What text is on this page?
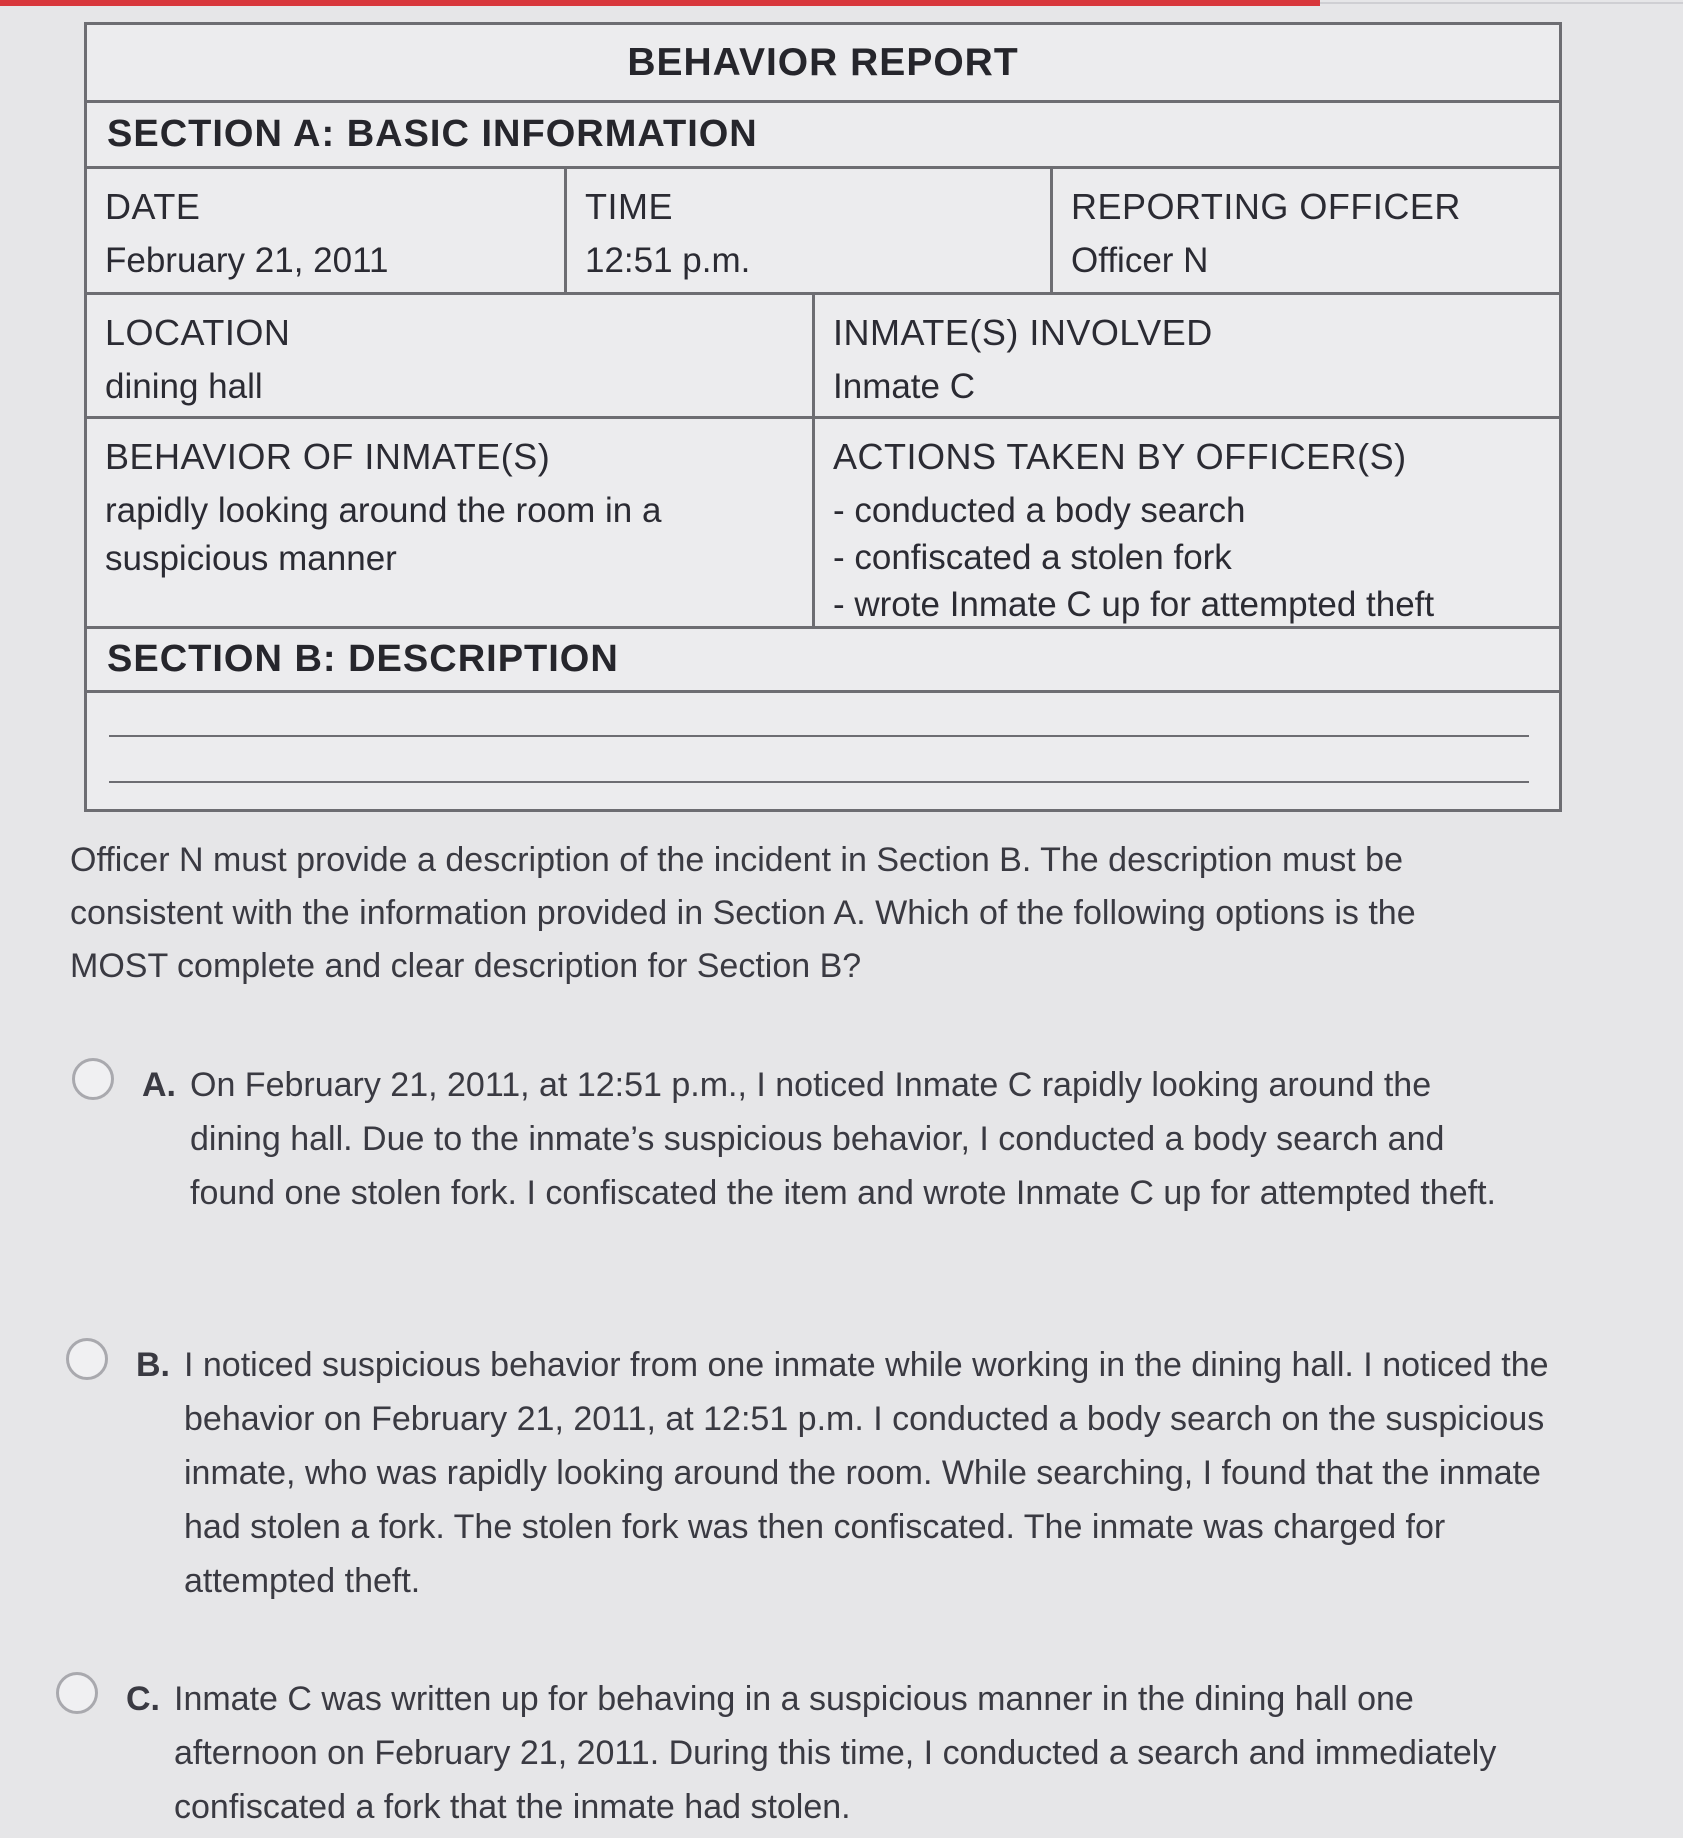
BEHAVIOR REPORT
SECTION A: BASIC INFORMATION
DATE
February 21, 2011
TIME
12:51 p.m.
REPORTING OFFICER
Officer N
LOCATION
dining hall
INMATE(S) INVOLVED
Inmate C
BEHAVIOR OF INMATE(S)
rapidly looking around the room in a suspicious manner
ACTIONS TAKEN BY OFFICER(S)
- conducted a body search
- confiscated a stolen fork
- wrote Inmate C up for attempted theft
SECTION B: DESCRIPTION
Officer N must provide a description of the incident in Section B. The description must be consistent with the information provided in Section A. Which of the following options is the MOST complete and clear description for Section B?
A. On February 21, 2011, at 12:51 p.m., I noticed Inmate C rapidly looking around the dining hall. Due to the inmate’s suspicious behavior, I conducted a body search and found one stolen fork. I confiscated the item and wrote Inmate C up for attempted theft.
B. I noticed suspicious behavior from one inmate while working in the dining hall. I noticed the behavior on February 21, 2011, at 12:51 p.m. I conducted a body search on the suspicious inmate, who was rapidly looking around the room. While searching, I found that the inmate had stolen a fork. The stolen fork was then confiscated. The inmate was charged for attempted theft.
C. Inmate C was written up for behaving in a suspicious manner in the dining hall one afternoon on February 21, 2011. During this time, I conducted a search and immediately confiscated a fork that the inmate had stolen.
